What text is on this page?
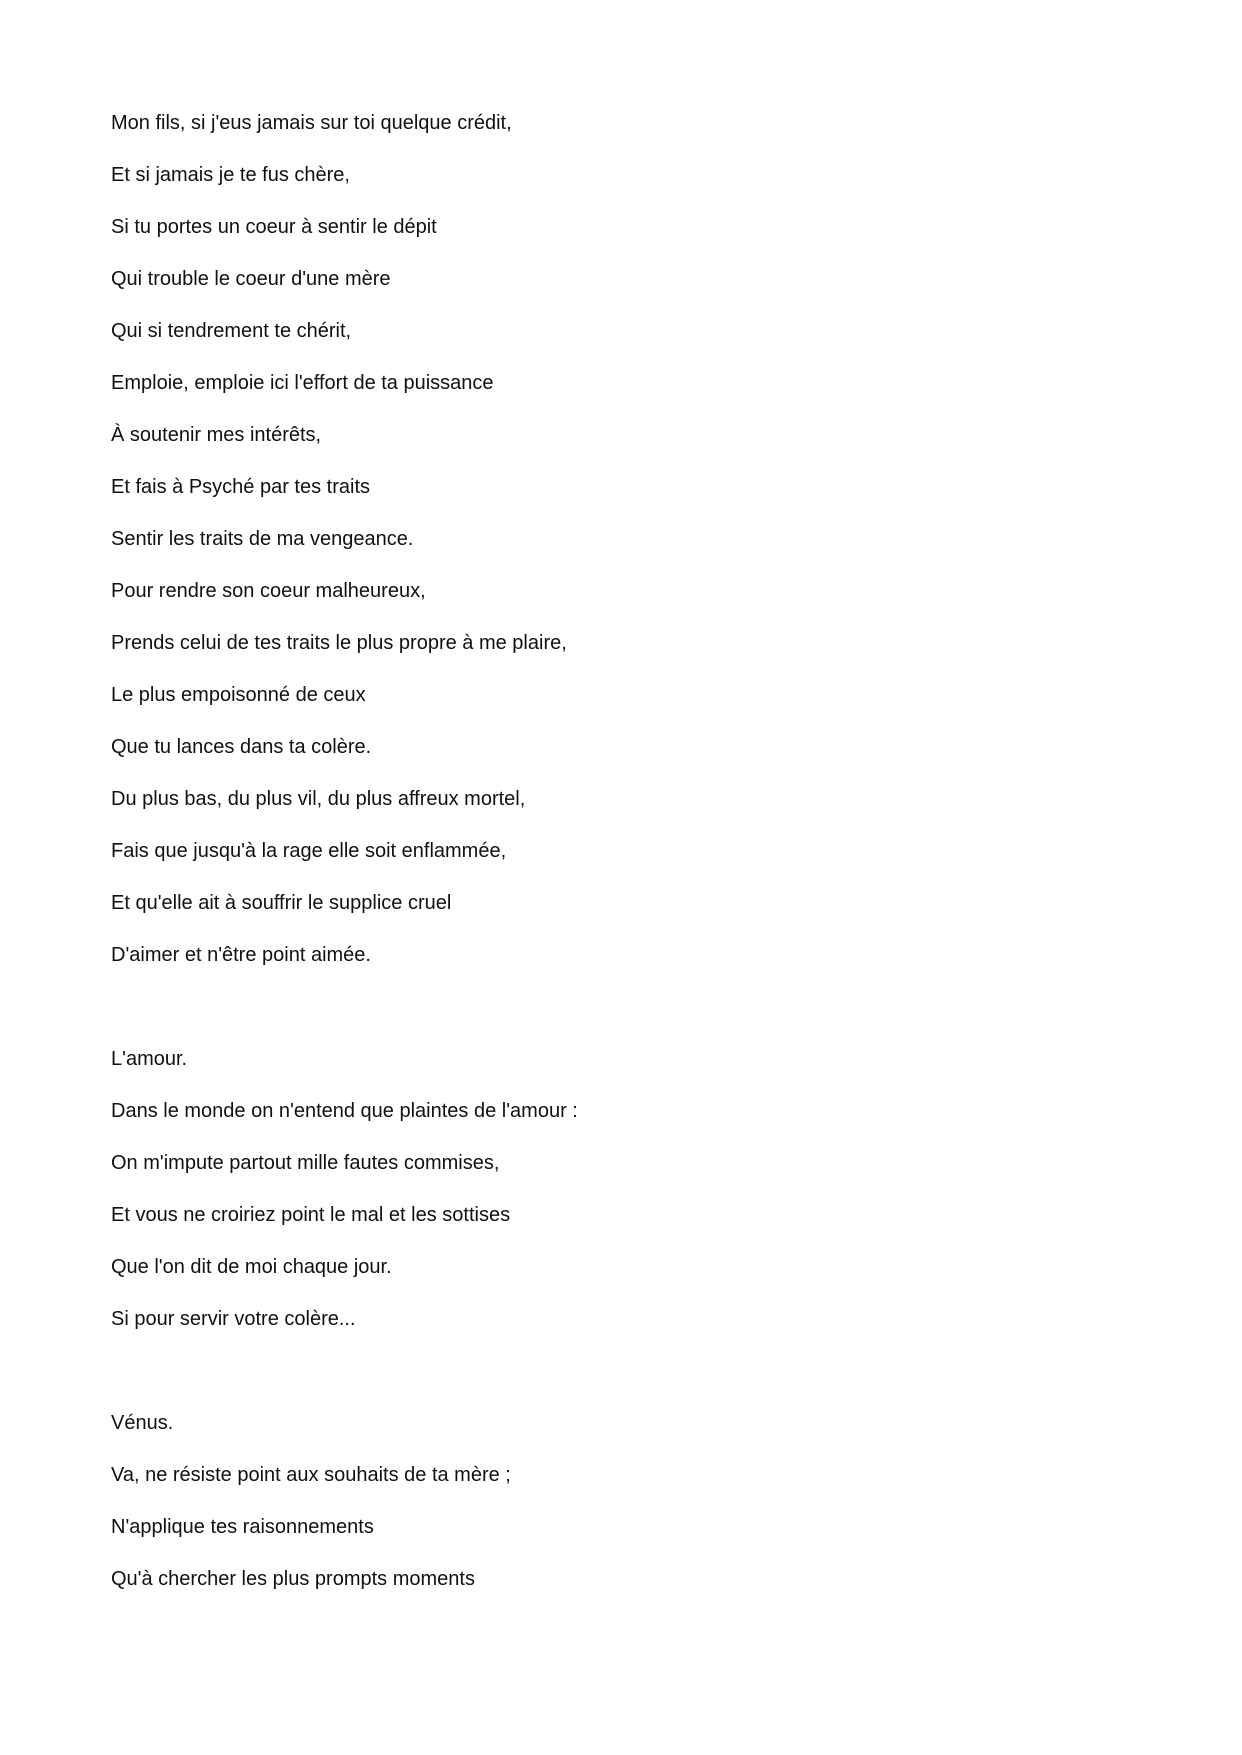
Mon fils, si j'eus jamais sur toi quelque crédit,
Et si jamais je te fus chère,
Si tu portes un coeur à sentir le dépit
Qui trouble le coeur d'une mère
Qui si tendrement te chérit,
Emploie, emploie ici l'effort de ta puissance
À soutenir mes intérêts,
Et fais à Psyché par tes traits
Sentir les traits de ma vengeance.
Pour rendre son coeur malheureux,
Prends celui de tes traits le plus propre à me plaire,
Le plus empoisonné de ceux
Que tu lances dans ta colère.
Du plus bas, du plus vil, du plus affreux mortel,
Fais que jusqu'à la rage elle soit enflammée,
Et qu'elle ait à souffrir le supplice cruel
D'aimer et n'être point aimée.
L'amour.
Dans le monde on n'entend que plaintes de l'amour :
On m'impute partout mille fautes commises,
Et vous ne croiriez point le mal et les sottises
Que l'on dit de moi chaque jour.
Si pour servir votre colère...
Vénus.
Va, ne résiste point aux souhaits de ta mère ;
N'applique tes raisonnements
Qu'à chercher les plus prompts moments
